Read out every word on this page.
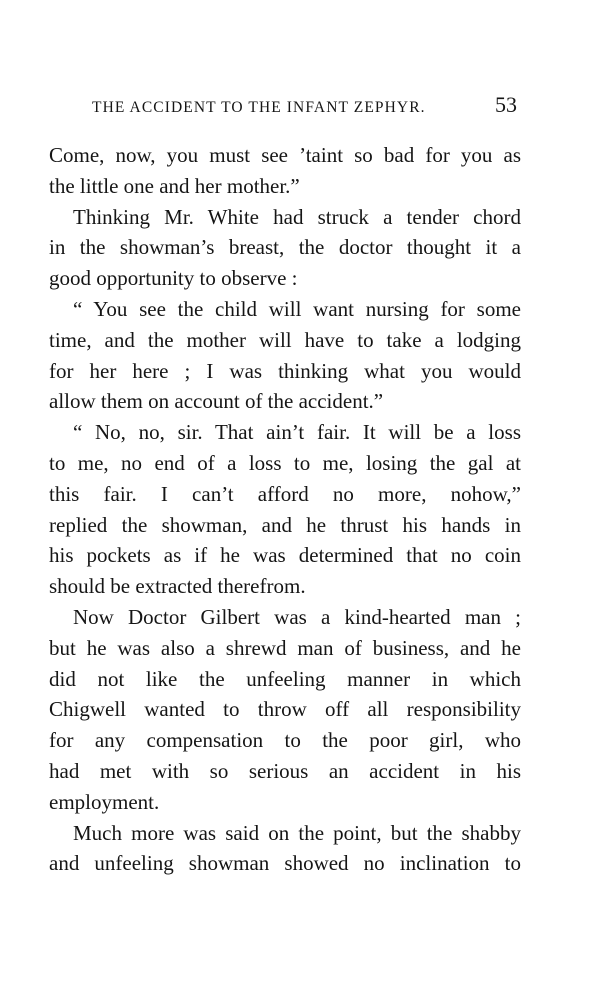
THE ACCIDENT TO THE INFANT ZEPHYR.	53
Come, now, you must see ’taint so bad for you as
the little one and her mother.”
Thinking Mr. White had struck a tender chord
in the showman’s breast, the doctor thought it a
good opportunity to observe :
“ You see the child will want nursing for some
time, and the mother will have to take a lodging
for her here ; I was thinking what you would
allow them on account of the accident.”
“ No, no, sir. That ain’t fair. It will be a loss
to me, no end of a loss to me, losing the gal at
this fair. I can’t afford no more, nohow,”
replied the showman, and he thrust his hands in
his pockets as if he was determined that no coin
should be extracted therefrom.
Now Doctor Gilbert was a kind-hearted man ;
but he was also a shrewd man of business, and he
did not like the unfeeling manner in which
Chigwell wanted to throw off all responsibility
for any compensation to the poor girl, who
had met with so serious an accident in his
employment.
Much more was said on the point, but the shabby
and unfeeling showman showed no inclination to
